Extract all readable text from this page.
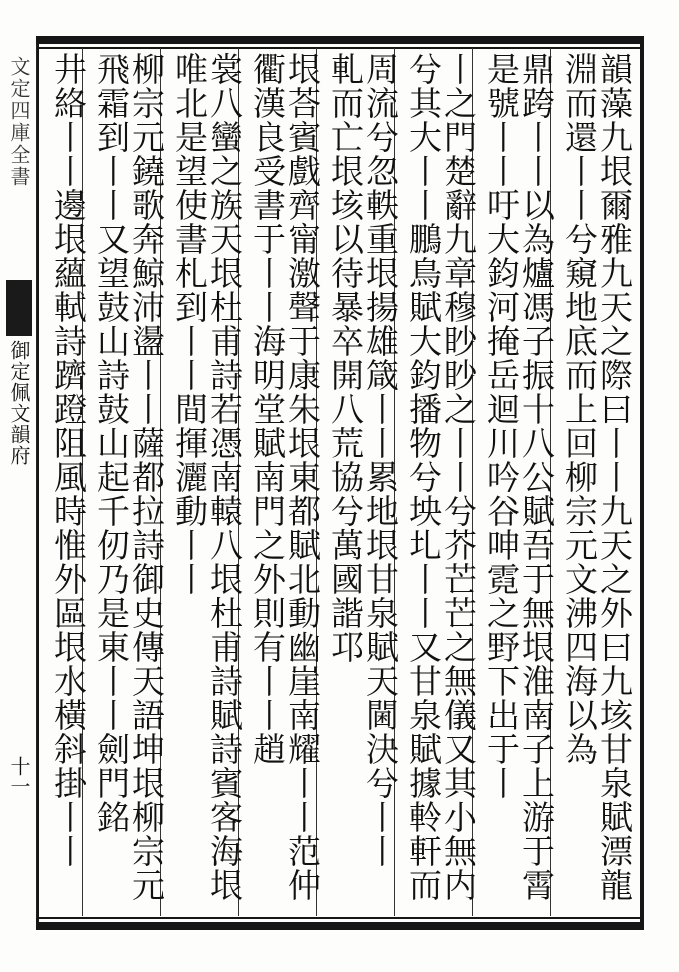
文定四庫全書
御定佩文韻府
十一	韻藻九垠爾雅九天之際曰丨丨九天之外曰九垓甘泉賦漂龍
淵而還丨丨兮窺地底而上回柳宗元文沸四海以為
鼎跨丨丨以為爐馮子振十八公賦吾于無垠淮南子上游于霄
是號丨丨吁大鈞河掩岳迴川吟谷呻霓之野下出于丨
丨之門楚辭九章穆眇眇之丨丨兮芥芒芒之無儀又其小無内
兮其大丨丨鵬鳥賦大鈞播物兮坱圠丨丨又甘泉賦據軨軒而
周流兮忽軼重垠揚雄箴丨丨累地垠甘泉賦天閫決兮丨丨
軋而亡垠垓以待暴卒開八荒協兮萬國諧邛
垠荅賓戲齊甯激聲于康朱垠東都賦北動幽崖南耀丨丨范仲
衢漢良受書于丨丨海明堂賦南門之外則有丨丨趙
裳八蠻之族天垠杜甫詩若憑南轅八垠杜甫詩賦詩賓客海垠
唯北是望使書札到丨丨間揮灑動丨丨
柳宗元鐃歌奔鯨沛盪丨丨薩都拉詩御史傳天語坤垠柳宗元
飛霜到丨丨又望鼓山詩鼓山起千仞乃是東丨丨劍門銘
井絡丨丨邊垠蘊軾詩躋蹬阻風時惟外區垠水橫斜掛丨丨
